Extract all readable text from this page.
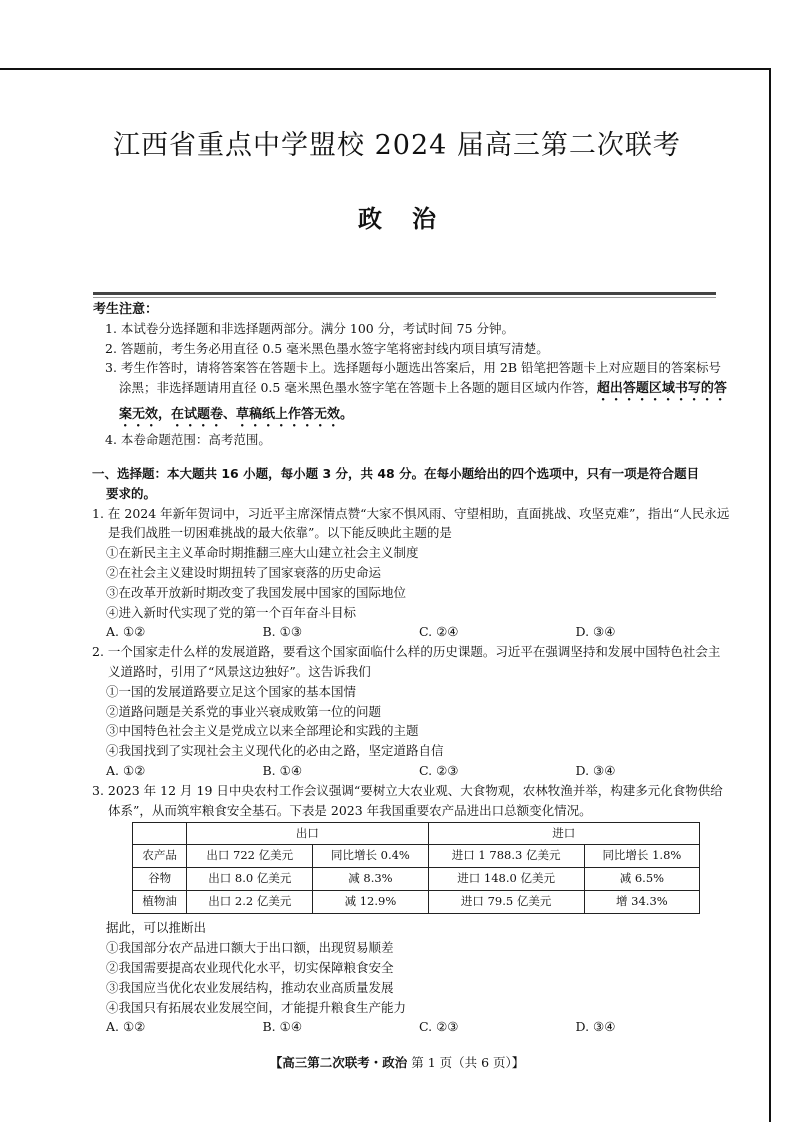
江西省重点中学盟校 2024 届高三第二次联考
政治
考生注意：
1. 本试卷分选择题和非选择题两部分。满分 100 分，考试时间 75 分钟。
2. 答题前，考生务必用直径 0.5 毫米黑色墨水签字笔将密封线内项目填写清楚。
3. 考生作答时，请将答案答在答题卡上。选择题每小题选出答案后，用 2B 铅笔把答题卡上对应题目的答案标号涂黑；非选择题请用直径 0.5 毫米黑色墨水签字笔在答题卡上各题的题目区域内作答，超出答题区域书写的答案无效，在试题卷、草稿纸上作答无效。
4. 本卷命题范围：高考范围。
一、选择题：本大题共 16 小题，每小题 3 分，共 48 分。在每小题给出的四个选项中，只有一项是符合题目
要求的。
1. 在 2024 年新年贺词中，习近平主席深情点赞“大家不惧风雨、守望相助，直面挑战、攻坚克难”，指出“人民永远是我们战胜一切困难挑战的最大依靠”。以下能反映此主题的是
①在新民主主义革命时期推翻三座大山建立社会主义制度
②在社会主义建设时期扭转了国家衰落的历史命运
③在改革开放新时期改变了我国发展中国家的国际地位
④进入新时代实现了党的第一个百年奋斗目标
A. ①②	B. ①③	C. ②④	D. ③④
2. 一个国家走什么样的发展道路，要看这个国家面临什么样的历史课题。习近平在强调坚持和发展中国特色社会主义道路时，引用了“风景这边独好”。这告诉我们
①一国的发展道路要立足这个国家的基本国情
②道路问题是关系党的事业兴衰成败第一位的问题
③中国特色社会主义是党成立以来全部理论和实践的主题
④我国找到了实现社会主义现代化的必由之路，坚定道路自信
A. ①②	B. ①④	C. ②③	D. ③④
3. 2023 年 12 月 19 日中央农村工作会议强调“要树立大农业观、大食物观，农林牧渔并举，构建多元化食物供给体系”，从而筑牢粮食安全基石。下表是 2023 年我国重要农产品进出口总额变化情况。
	出口		进口	
农产品	出口 722 亿美元	同比增长 0.4%	进口 1 788.3 亿美元	同比增长 1.8%
谷物	出口 8.0 亿美元	减 8.3%	进口 148.0 亿美元	减 6.5%
植物油	出口 2.2 亿美元	减 12.9%	进口 79.5 亿美元	增 34.3%
据此，可以推断出
①我国部分农产品进口额大于出口额，出现贸易顺差
②我国需要提高农业现代化水平，切实保障粮食安全
③我国应当优化农业发展结构，推动农业高质量发展
④我国只有拓展农业发展空间，才能提升粮食生产能力
A. ①②	B. ①④	C. ②③	D. ③④
【高三第二次联考・政治 第 1 页（共 6 页）】
